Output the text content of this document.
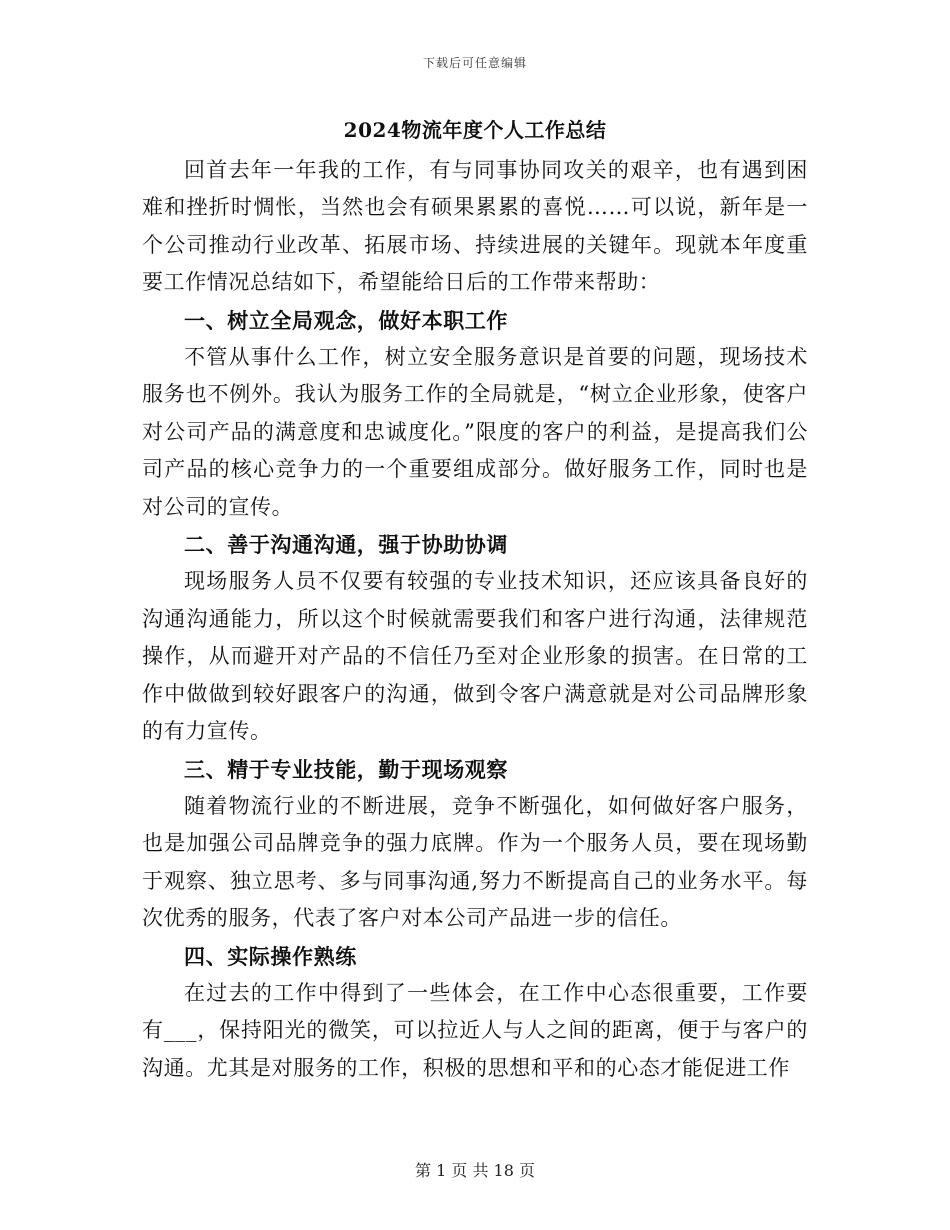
下载后可任意编辑
2024物流年度个人工作总结

回首去年一年我的工作，有与同事协同攻关的艰辛，也有遇到困难和挫折时惆怅，当然也会有硕果累累的喜悦……可以说，新年是一个公司推动行业改革、拓展市场、持续进展的关键年。现就本年度重要工作情况总结如下，希望能给日后的工作带来帮助：

一、树立全局观念，做好本职工作

不管从事什么工作，树立安全服务意识是首要的问题，现场技术服务也不例外。我认为服务工作的全局就是，“树立企业形象，使客户对公司产品的满意度和忠诚度化。”限度的客户的利益，是提高我们公司产品的核心竞争力的一个重要组成部分。做好服务工作，同时也是对公司的宣传。

二、善于沟通沟通，强于协助协调

现场服务人员不仅要有较强的专业技术知识，还应该具备良好的沟通沟通能力，所以这个时候就需要我们和客户进行沟通，法律规范操作，从而避开对产品的不信任乃至对企业形象的损害。在日常的工作中做做到较好跟客户的沟通，做到令客户满意就是对公司品牌形象的有力宣传。

三、精于专业技能，勤于现场观察

随着物流行业的不断进展，竞争不断强化，如何做好客户服务，也是加强公司品牌竞争的强力底牌。作为一个服务人员，要在现场勤于观察、独立思考、多与同事沟通,努力不断提高自己的业务水平。每次优秀的服务，代表了客户对本公司产品进一步的信任。

四、实际操作熟练

在过去的工作中得到了一些体会，在工作中心态很重要，工作要有___，保持阳光的微笑，可以拉近人与人之间的距离，便于与客户的沟通。尤其是对服务的工作，积极的思想和平和的心态才能促进工作

第 1 页 共 18 页
